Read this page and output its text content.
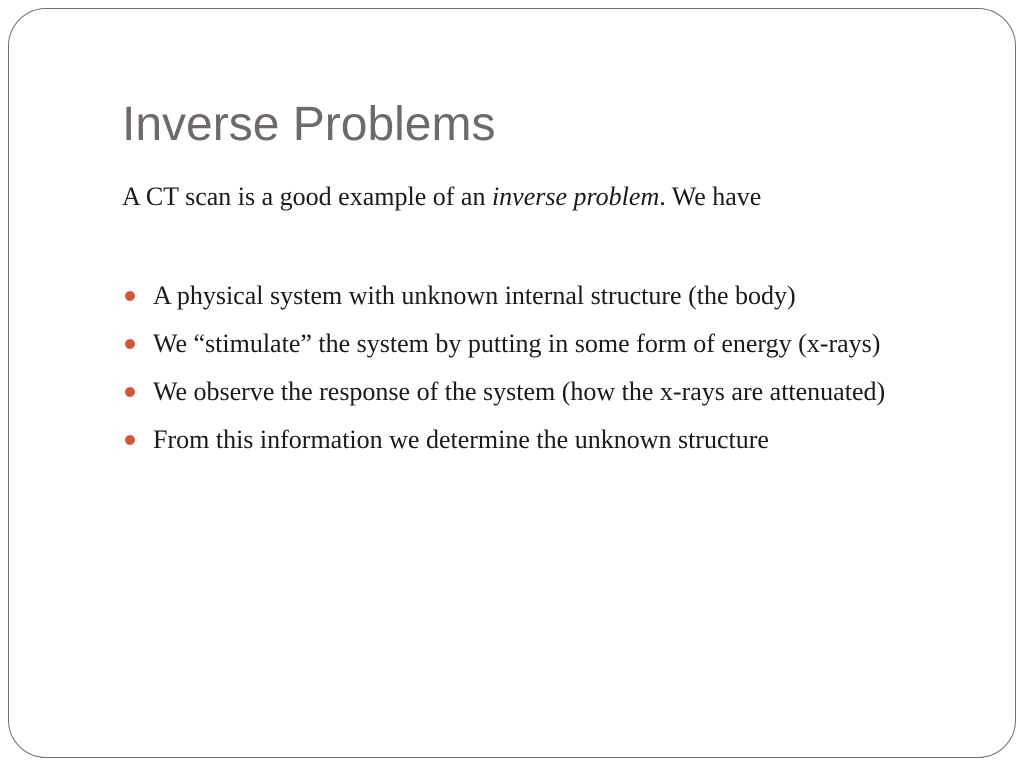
Inverse Problems

A CT scan is a good example of an inverse problem. We have

A physical system with unknown internal structure (the body)
We “stimulate” the system by putting in some form of energy (x-rays)
We observe the response of the system (how the x-rays are attenuated)
From this information we determine the unknown structure
